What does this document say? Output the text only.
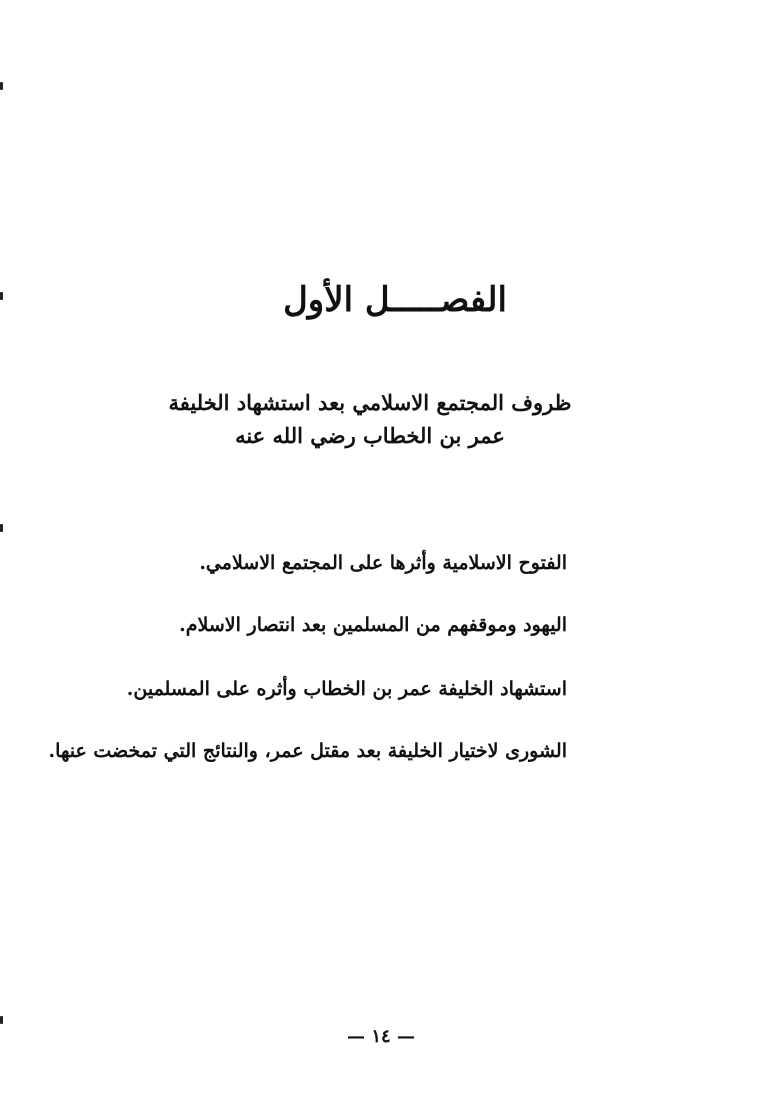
الفصـــــل الأول
ظروف المجتمع الاسلامي بعد استشهاد الخليفة
عمر بن الخطاب رضي الله عنه
الفتوح الاسلامية وأثرها على المجتمع الاسلامي.
اليهود وموقفهم من المسلمين بعد انتصار الاسلام.
استشهاد الخليفة عمر بن الخطاب وأثره على المسلمين.
الشورى لاختيار الخليفة بعد مقتل عمر، والنتائج التي تمخضت عنها.
— ١٤ —
